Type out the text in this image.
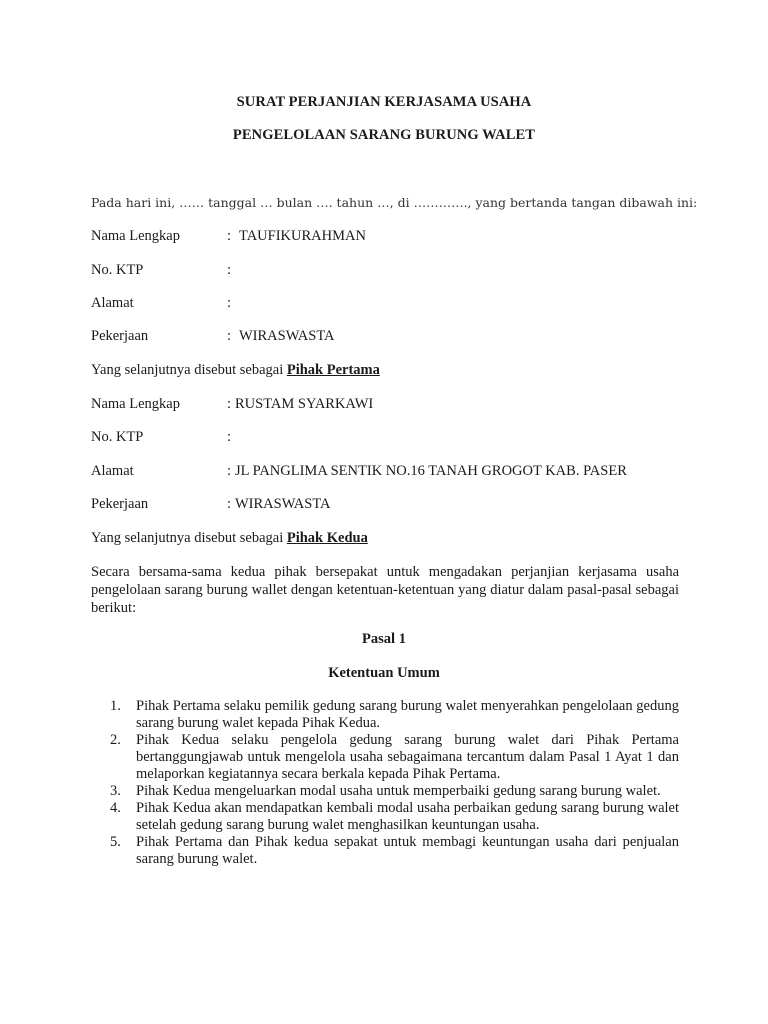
SURAT PERJANJIAN KERJASAMA USAHA
PENGELOLAAN SARANG BURUNG WALET
Pada hari ini, …… tanggal … bulan …. tahun …, di …………., yang bertanda tangan dibawah ini:
Nama Lengkap	: TAUFIKURAHMAN
No. KTP	:
Alamat	:
Pekerjaan	: WIRASWASTA
Yang selanjutnya disebut sebagai Pihak Pertama
Nama Lengkap	: RUSTAM SYARKAWI
No. KTP	:
Alamat	: JL PANGLIMA SENTIK NO.16 TANAH GROGOT KAB. PASER
Pekerjaan	: WIRASWASTA
Yang selanjutnya disebut sebagai Pihak Kedua
Secara bersama-sama kedua pihak bersepakat untuk mengadakan perjanjian kerjasama usaha pengelolaan sarang burung wallet dengan ketentuan-ketentuan yang diatur dalam pasal-pasal sebagai berikut:
Pasal 1
Ketentuan Umum
1. Pihak Pertama selaku pemilik gedung sarang burung walet menyerahkan pengelolaan gedung sarang burung walet kepada Pihak Kedua.
2. Pihak Kedua selaku pengelola gedung sarang burung walet dari Pihak Pertama bertanggungjawab untuk mengelola usaha sebagaimana tercantum dalam Pasal 1 Ayat 1 dan melaporkan kegiatannya secara berkala kepada Pihak Pertama.
3. Pihak Kedua mengeluarkan modal usaha untuk memperbaiki gedung sarang burung walet.
4. Pihak Kedua akan mendapatkan kembali modal usaha perbaikan gedung sarang burung walet setelah gedung sarang burung walet menghasilkan keuntungan usaha.
5. Pihak Pertama dan Pihak kedua sepakat untuk membagi keuntungan usaha dari penjualan sarang burung walet.
